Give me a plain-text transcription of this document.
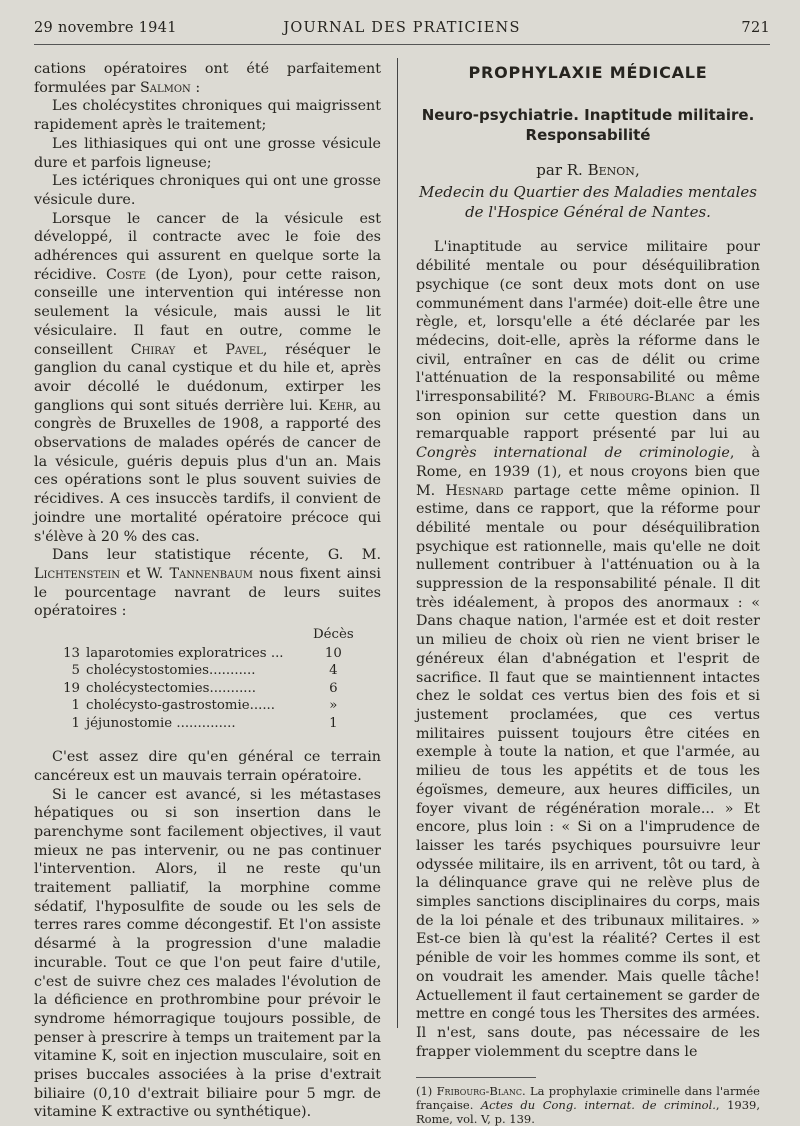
29 novembre 1941	JOURNAL DES PRATICIENS	721

cations opératoires ont été parfaitement formulées par Salmon :

Les cholécystites chroniques qui maigrissent rapidement après le traitement;

Les lithiasiques qui ont une grosse vésicule dure et parfois ligneuse;

Les ictériques chroniques qui ont une grosse vésicule dure.

Lorsque le cancer de la vésicule est développé, il contracte avec le foie des adhérences qui assurent en quelque sorte la récidive. Coste (de Lyon), pour cette raison, conseille une intervention qui intéresse non seulement la vésicule, mais aussi le lit vésiculaire. Il faut en outre, comme le conseillent Chiray et Pavel, réséquer le ganglion du canal cystique et du hile et, après avoir décollé le duédonum, extirper les ganglions qui sont situés derrière lui. Kehr, au congrès de Bruxelles de 1908, a rapporté des observations de malades opérés de cancer de la vésicule, guéris depuis plus d'un an. Mais ces opérations sont le plus souvent suivies de récidives. A ces insuccès tardifs, il convient de joindre une mortalité opératoire précoce qui s'élève à 20 % des cas.

Dans leur statistique récente, G. M. Lichtenstein et W. Tannenbaum nous fixent ainsi le pourcentage navrant de leurs suites opératoires :

		Décès
13	laparotomies exploratrices ...	10
5	cholécystostomies...........	4
19	cholécystectomies...........	6
1	cholécysto-gastrostomie......	»
1	jéjunostomie ..............	1

C'est assez dire qu'en général ce terrain cancéreux est un mauvais terrain opératoire.

Si le cancer est avancé, si les métastases hépatiques ou si son insertion dans le parenchyme sont facilement objectives, il vaut mieux ne pas intervenir, ou ne pas continuer l'intervention. Alors, il ne reste qu'un traitement palliatif, la morphine comme sédatif, l'hyposulfite de soude ou les sels de terres rares comme décongestif. Et l'on assiste désarmé à la progression d'une maladie incurable. Tout ce que l'on peut faire d'utile, c'est de suivre chez ces malades l'évolution de la déficience en prothrombine pour prévoir le syndrome hémorragique toujours possible, de penser à prescrire à temps un traitement par la vitamine K, soit en injection musculaire, soit en prises buccales associées à la prise d'extrait biliaire (0,10 d'extrait biliaire pour 5 mgr. de vitamine K extractive ou synthétique).

PROPHYLAXIE MÉDICALE
Neuro-psychiatrie. Inaptitude militaire. Responsabilité
par R. Benon,
Medecin du Quartier des Maladies mentales de l'Hospice Général de Nantes.

L'inaptitude au service militaire pour débilité mentale ou pour déséquilibration psychique (ce sont deux mots dont on use communément dans l'armée) doit-elle être une règle, et, lorsqu'elle a été déclarée par les médecins, doit-elle, après la réforme dans le civil, entraîner en cas de délit ou crime l'atténuation de la responsabilité ou même l'irresponsabilité? M. Fribourg-Blanc a émis son opinion sur cette question dans un remarquable rapport présenté par lui au Congrès international de criminologie, à Rome, en 1939 (1), et nous croyons bien que M. Hesnard partage cette même opinion. Il estime, dans ce rapport, que la réforme pour débilité mentale ou pour déséquilibration psychique est rationnelle, mais qu'elle ne doit nullement contribuer à l'atténuation ou à la suppression de la responsabilité pénale. Il dit très idéalement, à propos des anormaux : « Dans chaque nation, l'armée est et doit rester un milieu de choix où rien ne vient briser le généreux élan d'abnégation et l'esprit de sacrifice. Il faut que se maintiennent intactes chez le soldat ces vertus bien des fois et si justement proclamées, que ces vertus militaires puissent toujours être citées en exemple à toute la nation, et que l'armée, au milieu de tous les appétits et de tous les égoïsmes, demeure, aux heures difficiles, un foyer vivant de régénération morale... » Et encore, plus loin : « Si on a l'imprudence de laisser les tarés psychiques poursuivre leur odyssée militaire, ils en arrivent, tôt ou tard, à la délinquance grave qui ne relève plus de simples sanctions disciplinaires du corps, mais de la loi pénale et des tribunaux militaires. » Est-ce bien là qu'est la réalité? Certes il est pénible de voir les hommes comme ils sont, et on voudrait les amender. Mais quelle tâche! Actuellement il faut certainement se garder de mettre en congé tous les Thersites des armées. Il n'est, sans doute, pas nécessaire de les frapper violemment du sceptre dans le

(1) Fribourg-Blanc. La prophylaxie criminelle dans l'armée française. Actes du Cong. internat. de criminol., 1939, Rome, vol. V, p. 139.
